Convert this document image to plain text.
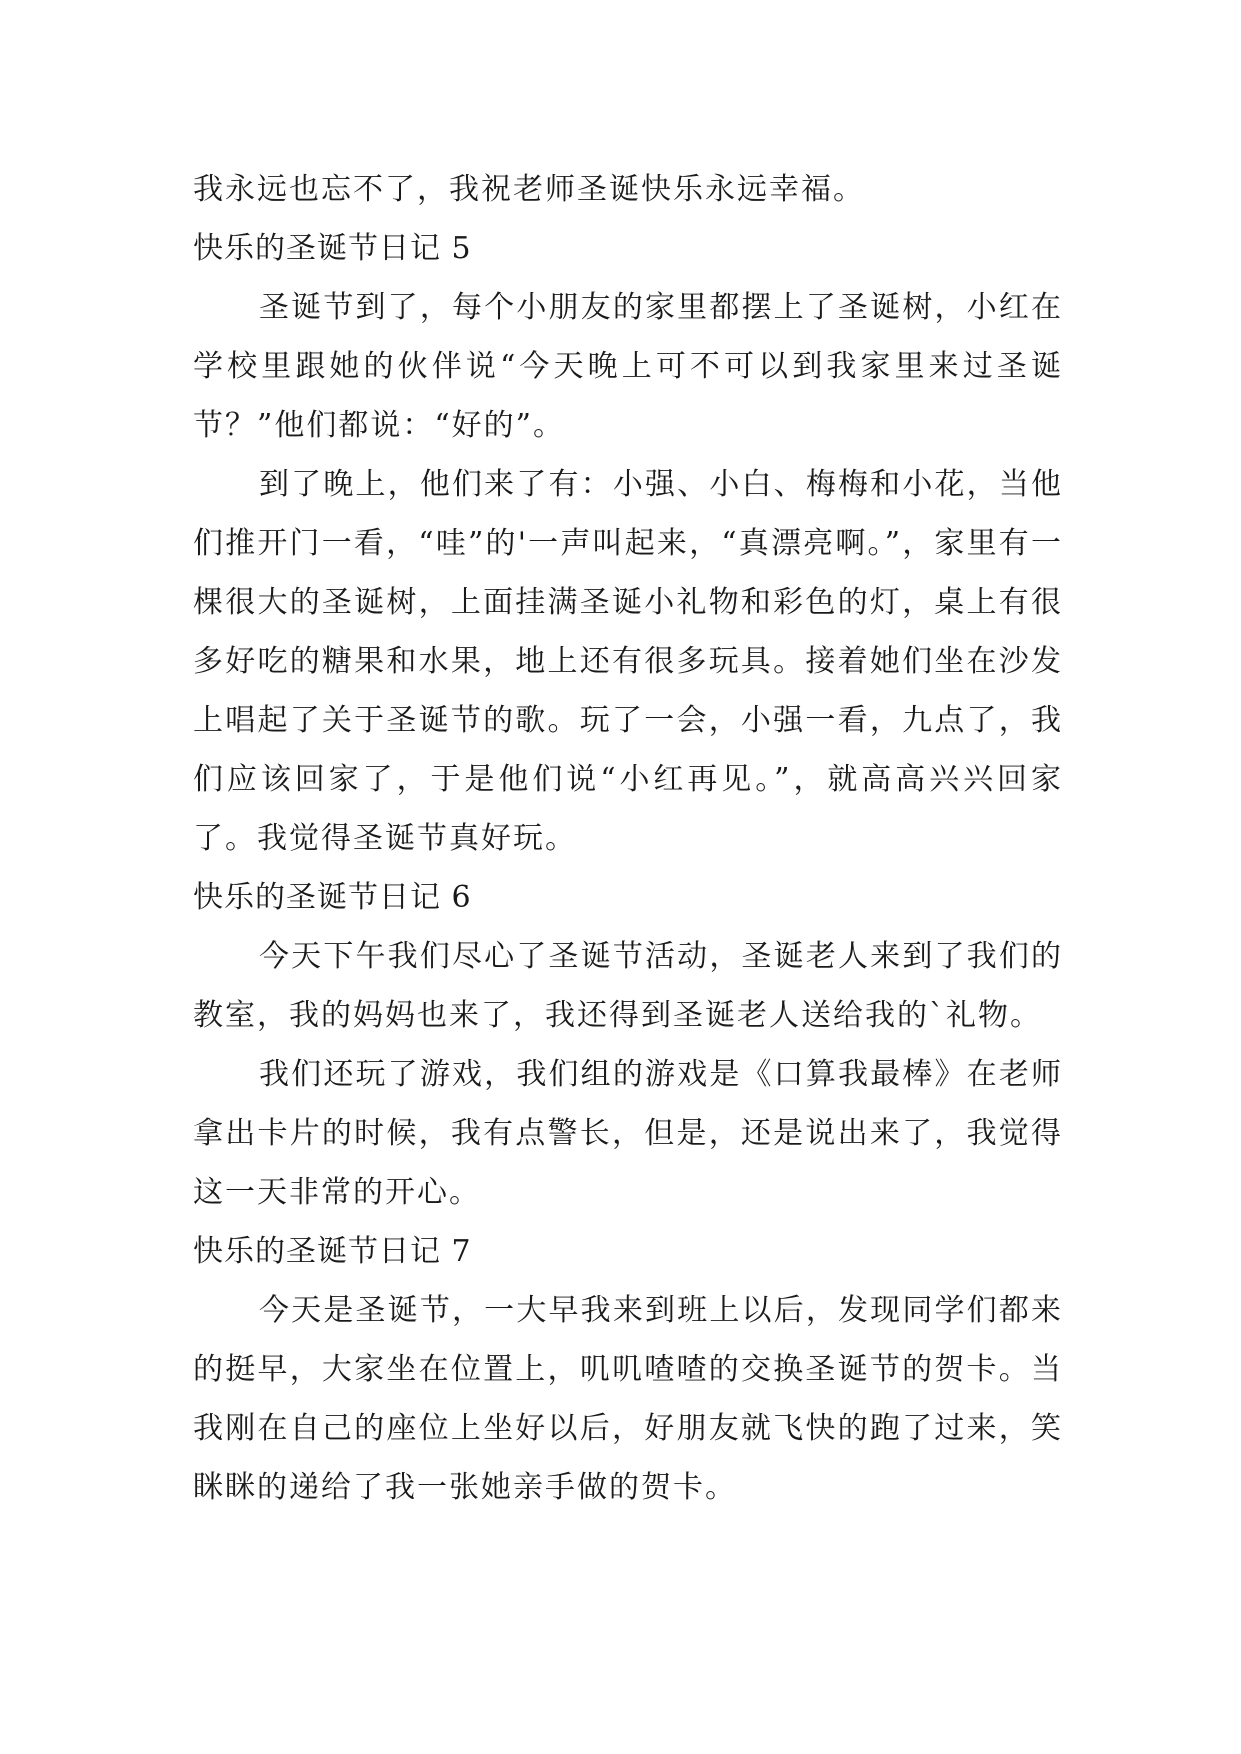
我永远也忘不了，我祝老师圣诞快乐永远幸福。

快乐的圣诞节日记 5

圣诞节到了，每个小朋友的家里都摆上了圣诞树，小红在学校里跟她的伙伴说“今天晚上可不可以到我家里来过圣诞节？”他们都说：“好的”。

到了晚上，他们来了有：小强、小白、梅梅和小花，当他们推开门一看，“哇”的'一声叫起来，“真漂亮啊。”，家里有一棵很大的圣诞树，上面挂满圣诞小礼物和彩色的灯，桌上有很多好吃的糖果和水果，地上还有很多玩具。接着她们坐在沙发上唱起了关于圣诞节的歌。玩了一会，小强一看，九点了，我们应该回家了，于是他们说“小红再见。”，就高高兴兴回家了。我觉得圣诞节真好玩。

快乐的圣诞节日记 6

今天下午我们尽心了圣诞节活动，圣诞老人来到了我们的教室，我的妈妈也来了，我还得到圣诞老人送给我的`礼物。

我们还玩了游戏，我们组的游戏是《口算我最棒》在老师拿出卡片的时候，我有点警长，但是，还是说出来了，我觉得这一天非常的开心。

快乐的圣诞节日记 7

今天是圣诞节，一大早我来到班上以后，发现同学们都来的挺早，大家坐在位置上，叽叽喳喳的交换圣诞节的贺卡。当我刚在自己的座位上坐好以后，好朋友就飞快的跑了过来，笑眯眯的递给了我一张她亲手做的贺卡。
